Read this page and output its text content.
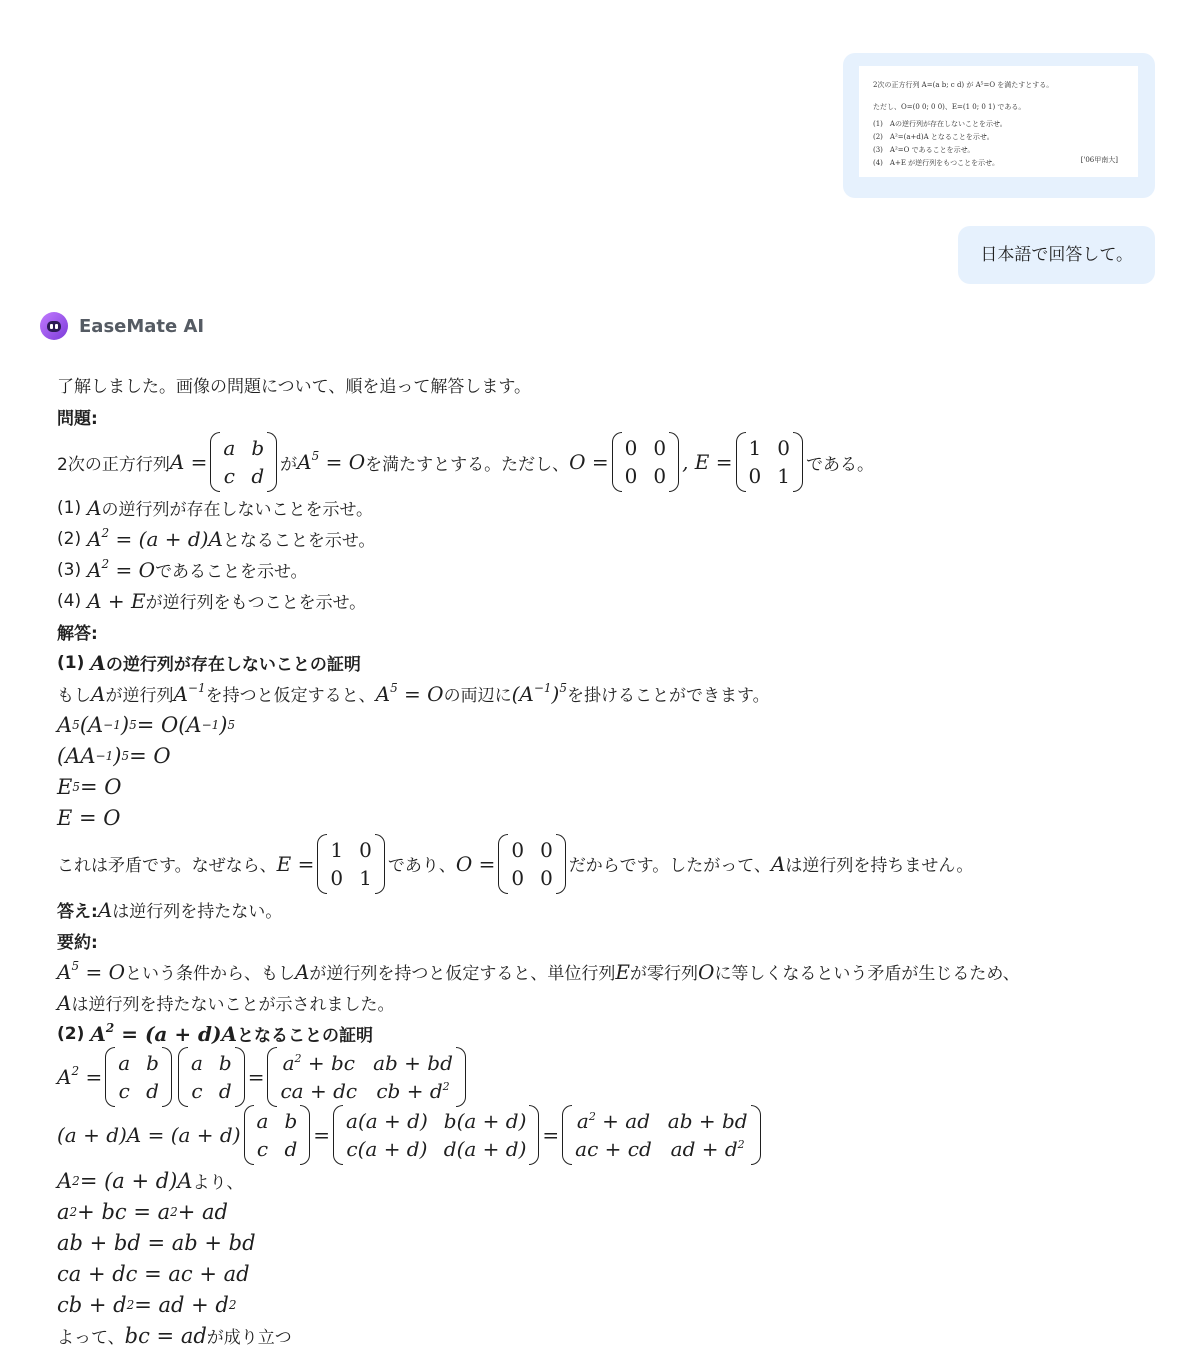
2次の正方行列 A=(a b; c d) が A⁵=O を満たすとする。
ただし、O=(0 0; 0 0)、E=(1 0; 0 1) である。
(1)　Aの逆行列が存在しないことを示せ。
(2)　A²=(a+d)A となることを示せ。
(3)　A²=O であることを示せ。
(4)　A+E が逆行列をもつことを示せ。	['06甲南大]
日本語で回答して。
EaseMate AI
了解しました。画像の問題について、順を追って解答します。
問題:
2次の正方行列 A =
a b
c d が $A^5 = O$ を満たすとする。ただし、 O =
0 0
0 0
, E =
1 0
0 1 である。
(1) A の逆行列が存在しないことを示せ。
(2) $A^2 = (a + d)A$ となることを示せ。
(3) $A^2 = O$ であることを示せ。
(4) A + E が逆行列をもつことを示せ。
解答:
(1) A の逆行列が存在しないことの証明
もし A が逆行列 $A^{-1}$ を持つと仮定すると、 $A^5 = O$ の両辺に $(A^{-1})^5$ を掛けることができます。
A 5 (A −1 ) 5 = O(A −1 ) 5
(AA −1 ) 5 = O
E 5 = O
E = O
これは矛盾です。なぜなら、 E =
1 0
0 1 であり、 O =
0 0
0 0 だからです。したがって、 A は逆行列を持ちません。
答え: A は逆行列を持たない。
要約:
$A^5 = O$ という条件から、もし A が逆行列を持つと仮定すると、単位行列 E が零行列 O に等しくなるという矛盾が生じるため、
A は逆行列を持たないことが示されました。
(2) $A^2 = (a + d)A$ となることの証明
$A^2$ =
a b
c d
a b
c d
=
$a^2$ + bc ab + bd
ca + dc cb + $d^2$
(a + d)A = (a + d)
a b
c d
=
a(a + d) b(a + d)
c(a + d) d(a + d)
=
$a^2$ + ad ab + bd
ac + cd ad + $d^2$
A 2 = (a + d)A より、
a 2 + bc = a 2 + ad
ab + bd = ab + bd
ca + dc = ac + ad
cb + d 2 = ad + d 2
よって、 bc = ad が成り立つ
